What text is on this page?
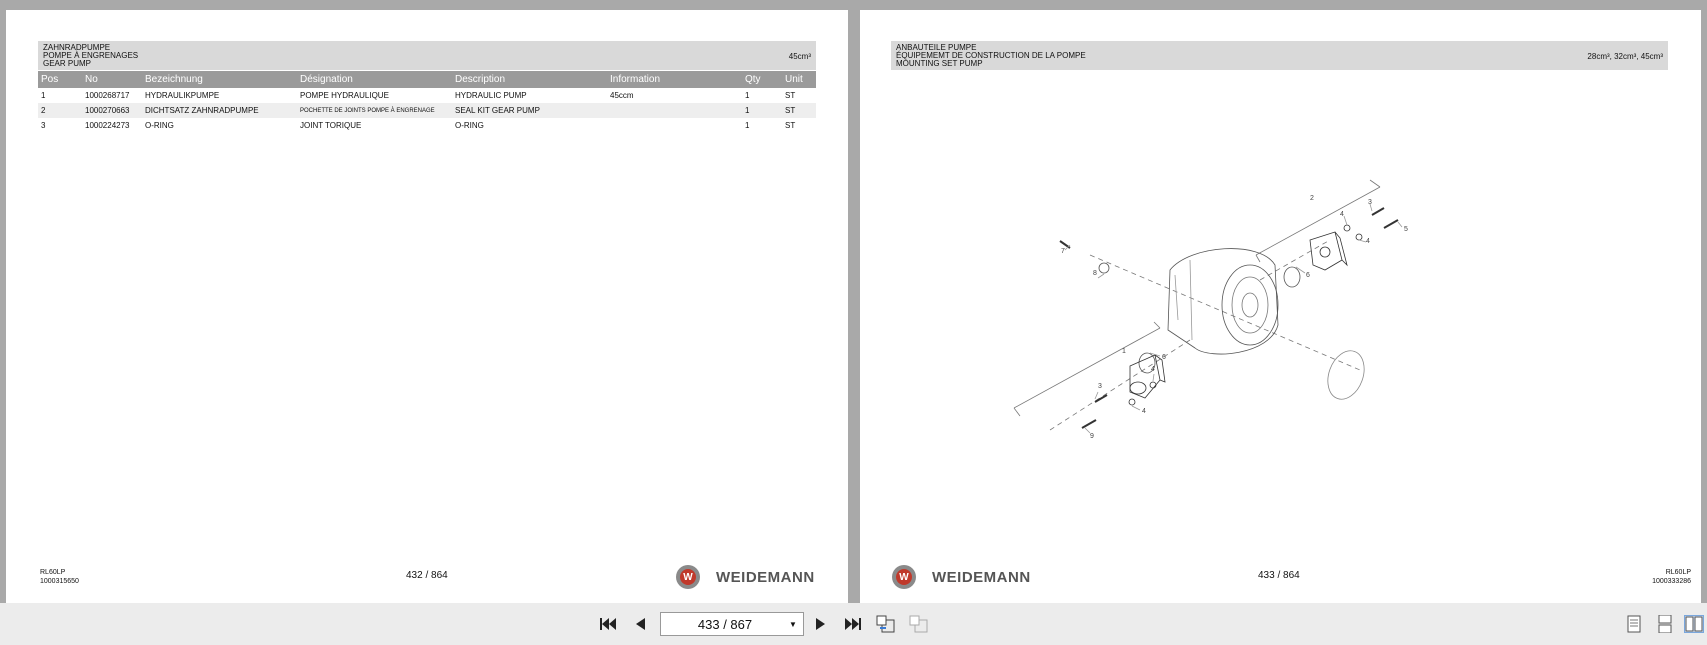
ZAHNRADPUMPE
POMPE À ENGRENAGES
GEAR PUMP
45cm³
Pos	No	Bezeichnung	Désignation	Description	Information	Qty	Unit
1	1000268717	HYDRAULIKPUMPE	POMPE HYDRAULIQUE	HYDRAULIC PUMP	45ccm	1	ST
2	1000270663	DICHTSATZ ZAHNRADPUMPE	POCHETTE DE JOINTS POMPE À ENGRENAGE	SEAL KIT GEAR PUMP		1	ST
3	1000224273	O-RING	JOINT TORIQUE	O-RING		1	ST
RL60LP
1000315650
432 / 864	W WEIDEMANN
ANBAUTEILE PUMPE
ÉQUIPEMEMT DE CONSTRUCTION DE LA POMPE
MOUNTING SET PUMP
28cm³, 32cm³, 45cm³
2
1
3
3
4
4
4
4
5
6
6
7
8
9
W WEIDEMANN	433 / 864	RL60LP
1000333286
433 / 867	▼
